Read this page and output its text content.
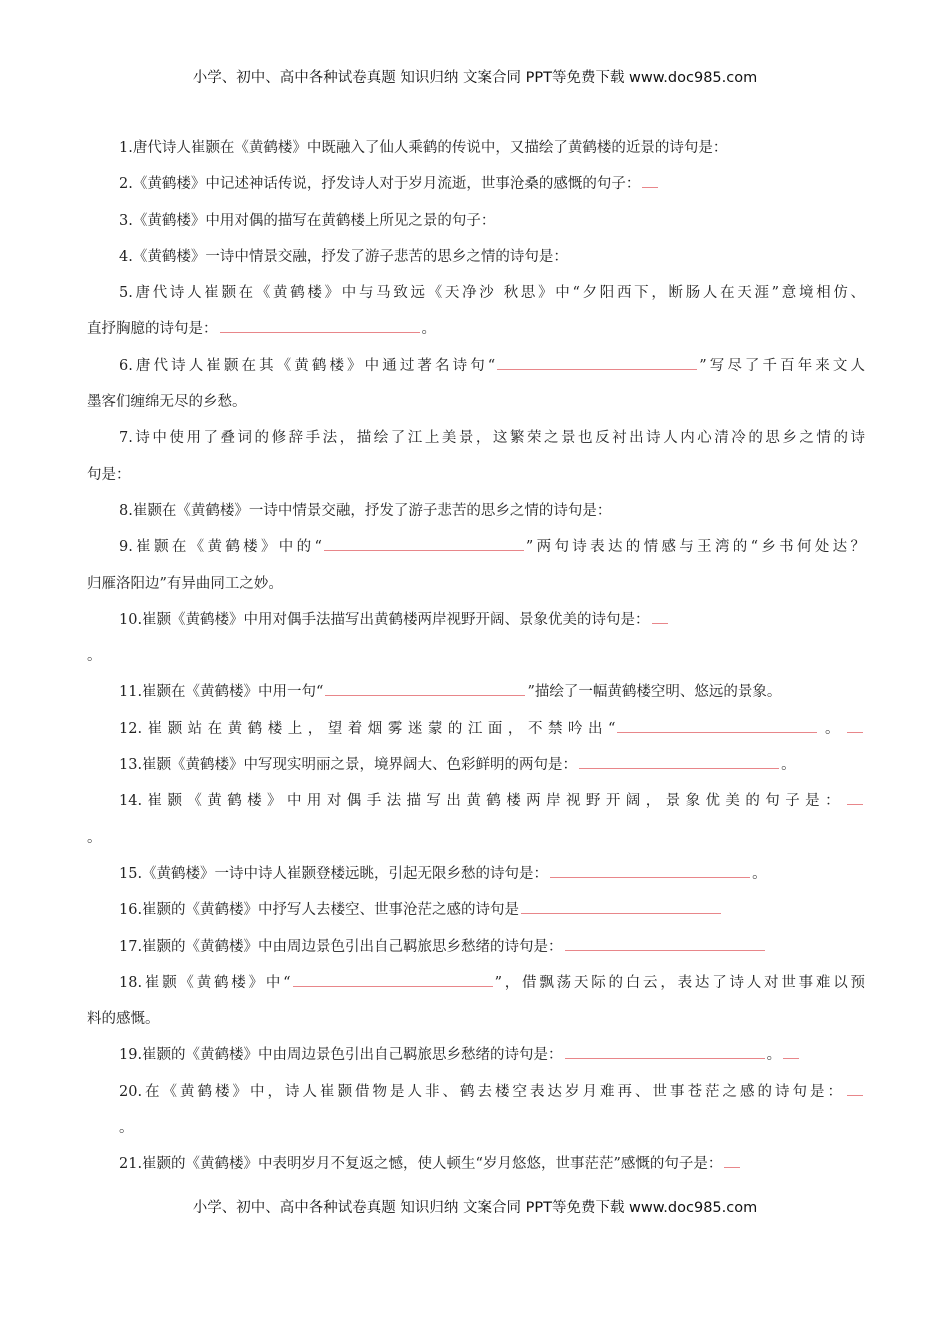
小学、初中、高中各种试卷真题 知识归纳 文案合同 PPT等免费下载 www.doc985.com
1.唐代诗人崔颢在《黄鹤楼》中既融入了仙人乘鹤的传说中，又描绘了黄鹤楼的近景的诗句是：
2.《黄鹤楼》中记述神话传说，抒发诗人对于岁月流逝，世事沧桑的感慨的句子：
3.《黄鹤楼》中用对偶的描写在黄鹤楼上所见之景的句子：
4.《黄鹤楼》一诗中情景交融，抒发了游子悲苦的思乡之情的诗句是：
5.唐代诗人崔颢在《黄鹤楼》中与马致远《天净沙 秋思》中“夕阳西下，断肠人在天涯”意境相仿、
直抒胸臆的诗句是：	。
6.唐代诗人崔颢在其《黄鹤楼》中通过著名诗句“	”写尽了千百年来文人
墨客们缠绵无尽的乡愁。
7.诗中使用了叠词的修辞手法，描绘了江上美景，这繁荣之景也反衬出诗人内心清冷的思乡之情的诗
句是：
8.崔颢在《黄鹤楼》一诗中情景交融，抒发了游子悲苦的思乡之情的诗句是：
9.崔颢在《黄鹤楼》中的“	”两句诗表达的情感与王湾的“乡书何处达？
归雁洛阳边”有异曲同工之妙。
10.崔颢《黄鹤楼》中用对偶手法描写出黄鹤楼两岸视野开阔、景象优美的诗句是：
。
11.崔颢在《黄鹤楼》中用一句“	”描绘了一幅黄鹤楼空明、悠远的景象。
12.崔颢站在黄鹤楼上，望着烟雾迷蒙的江面，不禁吟出“	。
13.崔颢《黄鹤楼》中写现实明丽之景，境界阔大、色彩鲜明的两句是：	。
14.崔颢《黄鹤楼》中用对偶手法描写出黄鹤楼两岸视野开阔，景象优美的句子是：
。
15.《黄鹤楼》一诗中诗人崔颢登楼远眺，引起无限乡愁的诗句是：	。
16.崔颢的《黄鹤楼》中抒写人去楼空、世事沧茫之感的诗句是
17.崔颢的《黄鹤楼》中由周边景色引出自己羁旅思乡愁绪的诗句是：
18.崔颢《黄鹤楼》中“	”，借飘荡天际的白云，表达了诗人对世事难以预
料的感慨。
19.崔颢的《黄鹤楼》中由周边景色引出自己羁旅思乡愁绪的诗句是：	。
20.在《黄鹤楼》中，诗人崔颢借物是人非、鹤去楼空表达岁月难再、世事苍茫之感的诗句是：
。
21.崔颢的《黄鹤楼》中表明岁月不复返之憾，使人顿生“岁月悠悠，世事茫茫”感慨的句子是：
小学、初中、高中各种试卷真题 知识归纳 文案合同 PPT等免费下载 www.doc985.com
